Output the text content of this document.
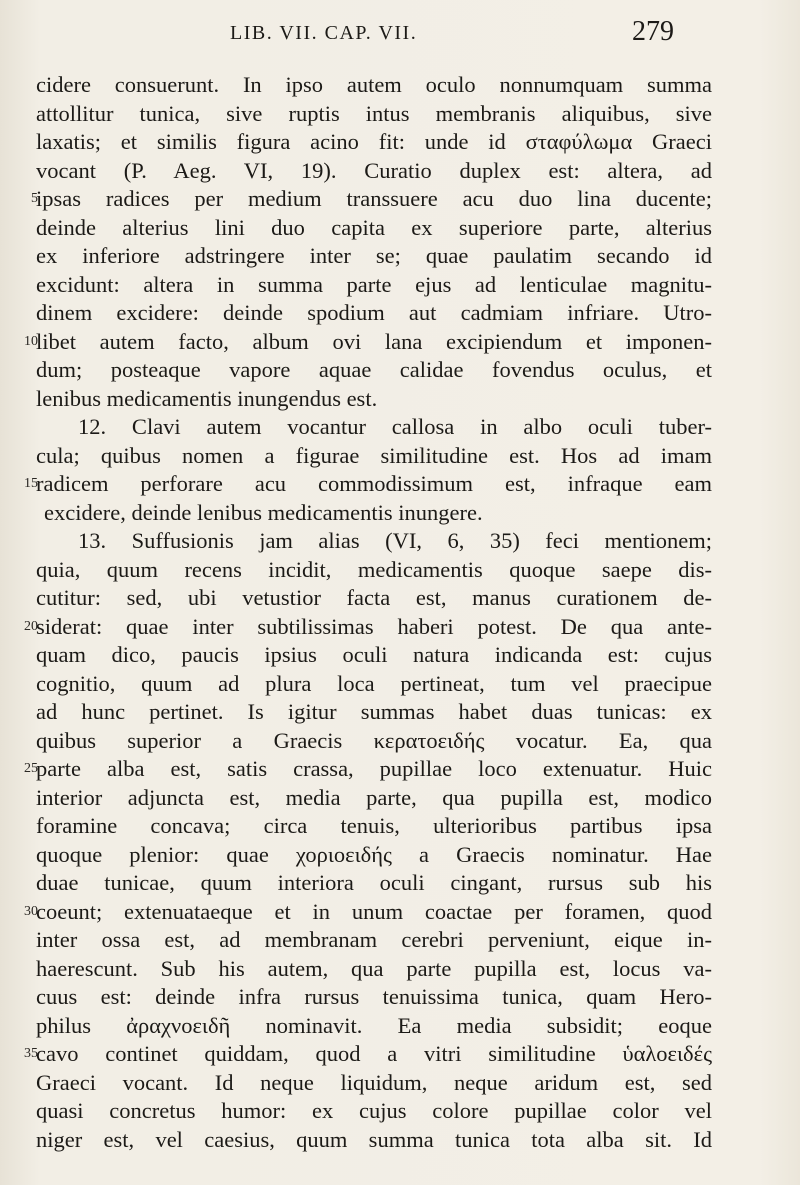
LIB. VII. CAP. VII.	279
cidere consuerunt. In ipso autem oculo nonnumquam summa
attollitur tunica, sive ruptis intus membranis aliquibus, sive
laxatis; et similis figura acino fit: unde id σταφύλωμα Graeci
vocant (P. Aeg. VI, 19). Curatio duplex est: altera, ad
5
ipsas radices per medium transsuere acu duo lina ducente;
deinde alterius lini duo capita ex superiore parte, alterius
ex inferiore adstringere inter se; quae paulatim secando id
excidunt: altera in summa parte ejus ad lenticulae magnitu-
dinem excidere: deinde spodium aut cadmiam infriare. Utro-
10
libet autem facto, album ovi lana excipiendum et imponen-
dum; posteaque vapore aquae calidae fovendus oculus, et
lenibus medicamentis inungendus est.
12. Clavi autem vocantur callosa in albo oculi tuber-
cula; quibus nomen a figurae similitudine est. Hos ad imam
15
radicem perforare acu commodissimum est, infraque eam
excidere, deinde lenibus medicamentis inungere.
13. Suffusionis jam alias (VI, 6, 35) feci mentionem;
quia, quum recens incidit, medicamentis quoque saepe dis-
cutitur: sed, ubi vetustior facta est, manus curationem de-
20
siderat: quae inter subtilissimas haberi potest. De qua ante-
quam dico, paucis ipsius oculi natura indicanda est: cujus
cognitio, quum ad plura loca pertineat, tum vel praecipue
ad hunc pertinet. Is igitur summas habet duas tunicas: ex
quibus superior a Graecis κερατοειδής vocatur. Ea, qua
25
parte alba est, satis crassa, pupillae loco extenuatur. Huic
interior adjuncta est, media parte, qua pupilla est, modico
foramine concava; circa tenuis, ulterioribus partibus ipsa
quoque plenior: quae χοριοειδής a Graecis nominatur. Hae
duae tunicae, quum interiora oculi cingant, rursus sub his
30
coeunt; extenuataeque et in unum coactae per foramen, quod
inter ossa est, ad membranam cerebri perveniunt, eique in-
haerescunt. Sub his autem, qua parte pupilla est, locus va-
cuus est: deinde infra rursus tenuissima tunica, quam Hero-
philus ἀραχνοειδῆ nominavit. Ea media subsidit; eoque
35
cavo continet quiddam, quod a vitri similitudine ὑαλοειδές
Graeci vocant. Id neque liquidum, neque aridum est, sed
quasi concretus humor: ex cujus colore pupillae color vel
niger est, vel caesius, quum summa tunica tota alba sit. Id
